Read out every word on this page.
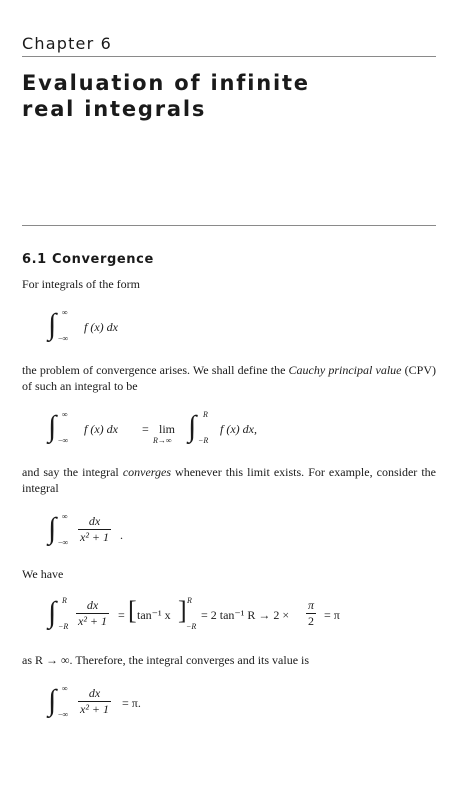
Chapter 6
Evaluation of infinite
real integrals
6.1 Convergence
For integrals of the form
∫ ∞
−∞
f (x) dx
the problem of convergence arises. We shall define the Cauchy principal value (CPV) of such an integral to be
∫ ∞
−∞
f (x) dx = lim
R→∞ ∫ R
−R
f (x) dx,
and say the integral converges whenever this limit exists. For example, consider the integral
∫ ∞
−∞ $\frac{dx}{\text{x² + 1}}$ .
We have
∫ R
$-R \frac{dx}{\text{x² + 1}}$ = [ tan⁻¹ x ] R
−R
= 2 tan⁻¹ $R \to 2 \times \frac{\pi}{2} = \pi$
as R → ∞. Therefore, the integral converges and its value is
∫ ∞
−∞ $\frac{dx}{\text{x² + 1}} = \pi$.
